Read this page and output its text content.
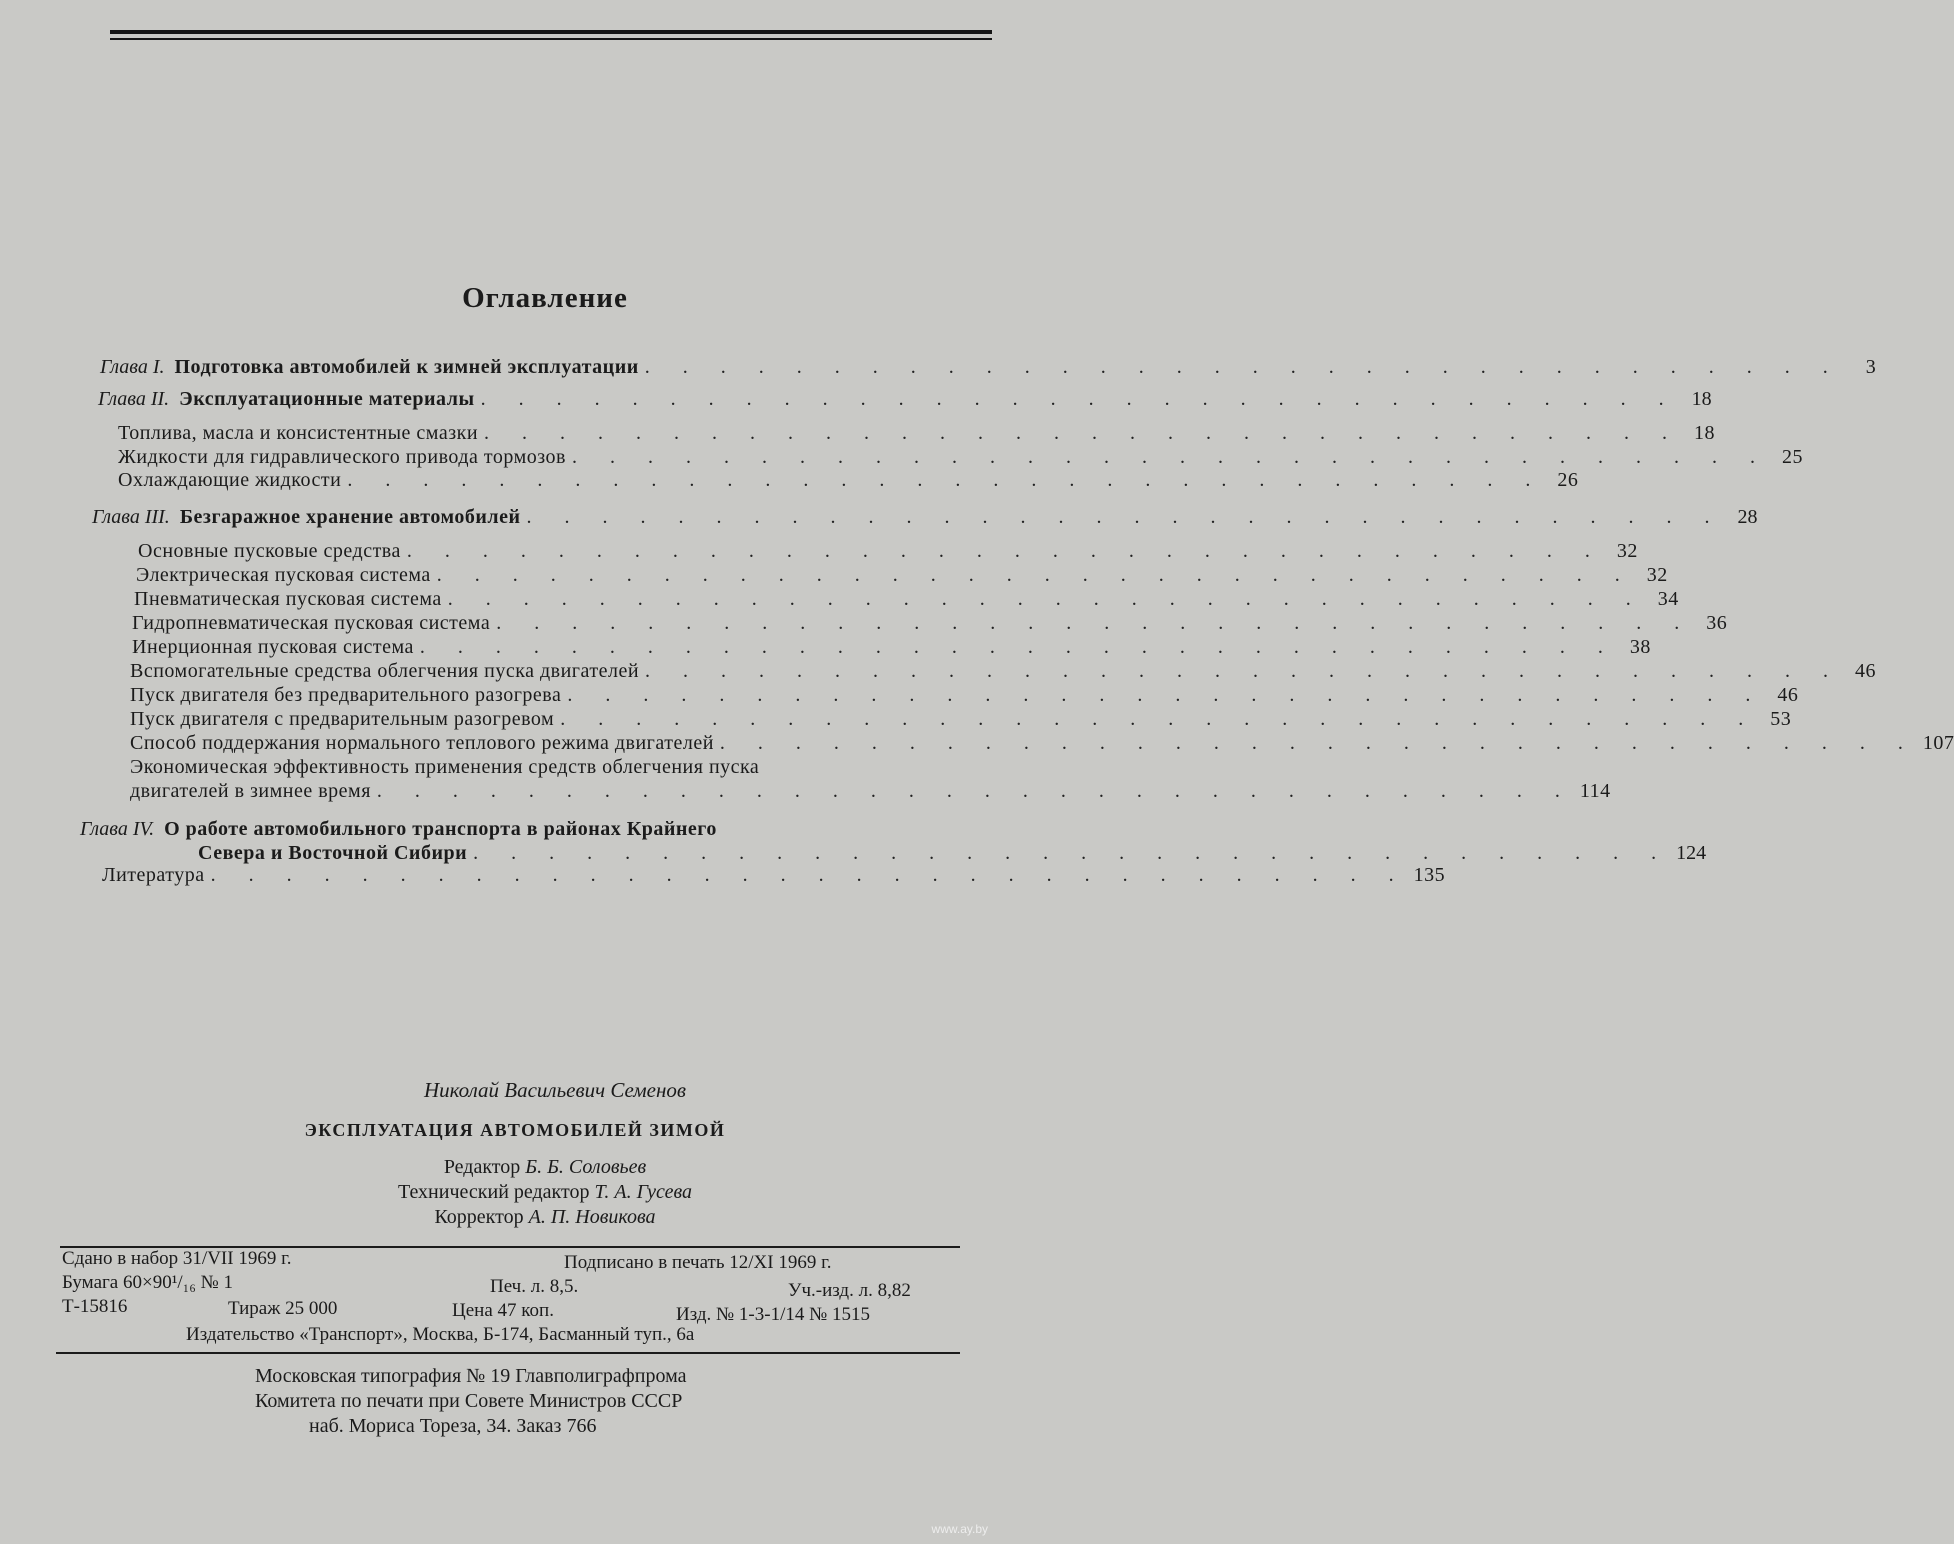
Оглавление
Глава I. Подготовка автомобилей к зимней эксплуатации . . . . . . . . . . . . . . . . . . . . . . . . . . . . . . . .	3
Глава II. Эксплуатационные материалы . . . . . . . . . . . . . . . . . . . . . . . . . . . . . . . . 18
Топлива, масла и консистентные смазки . . . . . . . . . . . . . . . . . . . . . . . . . . . . . . . . 18
Жидкости для гидравлического привода тормозов . . . . . . . . . . . . . . . . . . . . . . . . . . . . . . . . 25
Охлаждающие жидкости . . . . . . . . . . . . . . . . . . . . . . . . . . . . . . . . 26
Глава III. Безгаражное хранение автомобилей . . . . . . . . . . . . . . . . . . . . . . . . . . . . . . . . 28
Основные пусковые средства . . . . . . . . . . . . . . . . . . . . . . . . . . . . . . . . 32
Электрическая пусковая система . . . . . . . . . . . . . . . . . . . . . . . . . . . . . . . . 32
Пневматическая пусковая система . . . . . . . . . . . . . . . . . . . . . . . . . . . . . . . . 34
Гидропневматическая пусковая система . . . . . . . . . . . . . . . . . . . . . . . . . . . . . . . . 36
Инерционная пусковая система . . . . . . . . . . . . . . . . . . . . . . . . . . . . . . . . 38
Вспомогательные средства облегчения пуска двигателей . . . . . . . . . . . . . . . . . . . . . . . . . . . . . . . . 46
Пуск двигателя без предварительного разогрева . . . . . . . . . . . . . . . . . . . . . . . . . . . . . . . . 46
Пуск двигателя с предварительным разогревом . . . . . . . . . . . . . . . . . . . . . . . . . . . . . . . . 53
Способ поддержания нормального теплового режима двигателей . . . . . . . . . . . . . . . . . . . . . . . . . . . . . . . . 107
Экономическая эффективность применения средств облегчения пуска
двигателей в зимнее время . . . . . . . . . . . . . . . . . . . . . . . . . . . . . . . . 114
Глава IV. О работе автомобильного транспорта в районах Крайнего
Севера и Восточной Сибири . . . . . . . . . . . . . . . . . . . . . . . . . . . . . . . . 124
Литература . . . . . . . . . . . . . . . . . . . . . . . . . . . . . . . . 135
Николай Васильевич Семенов
ЭКСПЛУАТАЦИЯ АВТОМОБИЛЕЙ ЗИМОЙ
Редактор Б. Б. Соловьев
Технический редактор Т. А. Гусева
Корректор А. П. Новикова
Сдано в набор 31/VII 1969 г.	Подписано в печать 12/XI 1969 г.
Бумага 60×90¹/₁₆ № 1	Печ. л. 8,5.	Уч.-изд. л. 8,82
Т-15816	Тираж 25 000	Цена 47 коп.	Изд. № 1-3-1/14 № 1515
Издательство «Транспорт», Москва, Б-174, Басманный туп., 6а
Московская типография № 19 Главполиграфпрома
Комитета по печати при Совете Министров СССР
наб. Мориса Тореза, 34. Заказ 766
www.ay.by
